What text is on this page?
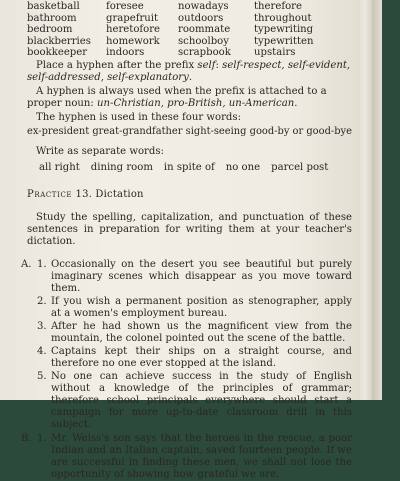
basketball
bathroom
bedroom
blackberries
bookkeeper
foresee
grapefruit
heretofore
homework
indoors
nowadays
outdoors
roommate
schoolboy
scrapbook
therefore
throughout
typewriting
typewritten
upstairs

Place a hyphen after the prefix self: self-respect, self-evident, self-addressed, self-explanatory.

A hyphen is always used when the prefix is attached to a proper noun: un-Christian, pro-British, un-American.

The hyphen is used in these four words:

ex-president great-grandfather sight-seeing good-by or good-bye

Write as separate words:

all right dining room in spite of no one parcel post
Practice 13. Dictation

Study the spelling, capitalization, and punctuation of these sentences in preparation for writing them at your teacher's dictation.

A. 1. Occasionally on the desert you see beautiful but purely imaginary scenes which disappear as you move toward them.
2. If you wish a permanent position as stenographer, apply at a women's employment bureau.
3. After he had shown us the magnificent view from the mountain, the colonel pointed out the scene of the battle.
4. Captains kept their ships on a straight course, and therefore no one ever stopped at the island.
5. No one can achieve success in the study of English without a knowledge of the principles of grammar; therefore school principals everywhere should start a campaign for more up-to-date classroom drill in this subject.
B. 1. Mr. Weiss's son says that the heroes in the rescue, a poor Indian and an Italian captain, saved fourteen people. If we are successful in finding these men, we shall not lose the opportunity of showing how grateful we are.
